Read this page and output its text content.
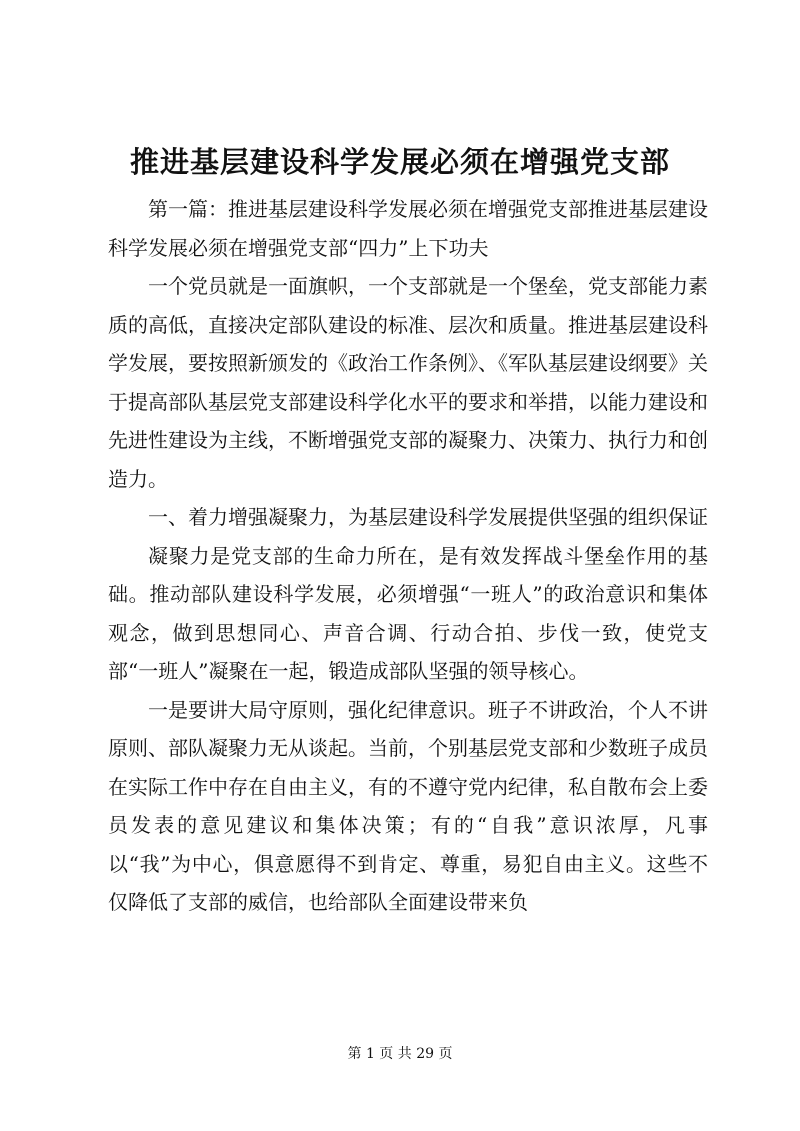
推进基层建设科学发展必须在增强党支部

第一篇：推进基层建设科学发展必须在增强党支部推进基层建设科学发展必须在增强党支部“四力”上下功夫

一个党员就是一面旗帜，一个支部就是一个堡垒，党支部能力素质的高低，直接决定部队建设的标准、层次和质量。推进基层建设科学发展，要按照新颁发的《政治工作条例》、《军队基层建设纲要》关于提高部队基层党支部建设科学化水平的要求和举措，以能力建设和先进性建设为主线，不断增强党支部的凝聚力、决策力、执行力和创造力。

一、着力增强凝聚力，为基层建设科学发展提供坚强的组织保证

凝聚力是党支部的生命力所在，是有效发挥战斗堡垒作用的基础。推动部队建设科学发展，必须增强“一班人”的政治意识和集体观念，做到思想同心、声音合调、行动合拍、步伐一致，使党支部“一班人”凝聚在一起，锻造成部队坚强的领导核心。

一是要讲大局守原则，强化纪律意识。班子不讲政治，个人不讲原则、部队凝聚力无从谈起。当前，个别基层党支部和少数班子成员在实际工作中存在自由主义，有的不遵守党内纪律，私自散布会上委员发表的意见建议和集体决策；有的“自我”意识浓厚，凡事以“我”为中心，俱意愿得不到肯定、尊重，易犯自由主义。这些不仅降低了支部的威信，也给部队全面建设带来负

第 1 页 共 29 页
